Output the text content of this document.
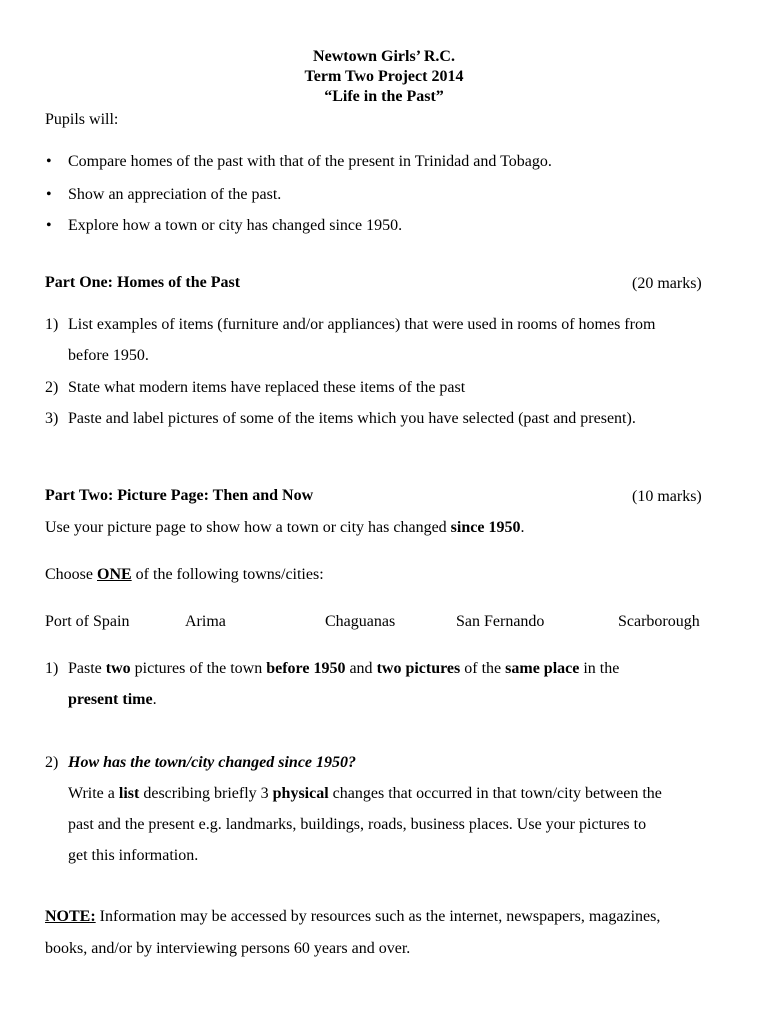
Newtown Girls’ R.C.
Term Two Project 2014
“Life in the Past”
Pupils will:
• Compare homes of the past with that of the present in Trinidad and Tobago.
• Show an appreciation of the past.
• Explore how a town or city has changed since 1950.
Part One: Homes of the Past	(20 marks)
1) List examples of items (furniture and/or appliances) that were used in rooms of homes from
before 1950.
2) State what modern items have replaced these items of the past
3) Paste and label pictures of some of the items which you have selected (past and present).
Part Two: Picture Page: Then and Now	(10 marks)
Use your picture page to show how a town or city has changed since 1950.
Choose ONE of the following towns/cities:
Port of Spain	Arima	Chaguanas	San Fernando	Scarborough
1) Paste two pictures of the town before 1950 and two pictures of the same place in the
present time.
2) How has the town/city changed since 1950?
Write a list describing briefly 3 physical changes that occurred in that town/city between the
past and the present e.g. landmarks, buildings, roads, business places. Use your pictures to
get this information.
NOTE: Information may be accessed by resources such as the internet, newspapers, magazines,
books, and/or by interviewing persons 60 years and over.
